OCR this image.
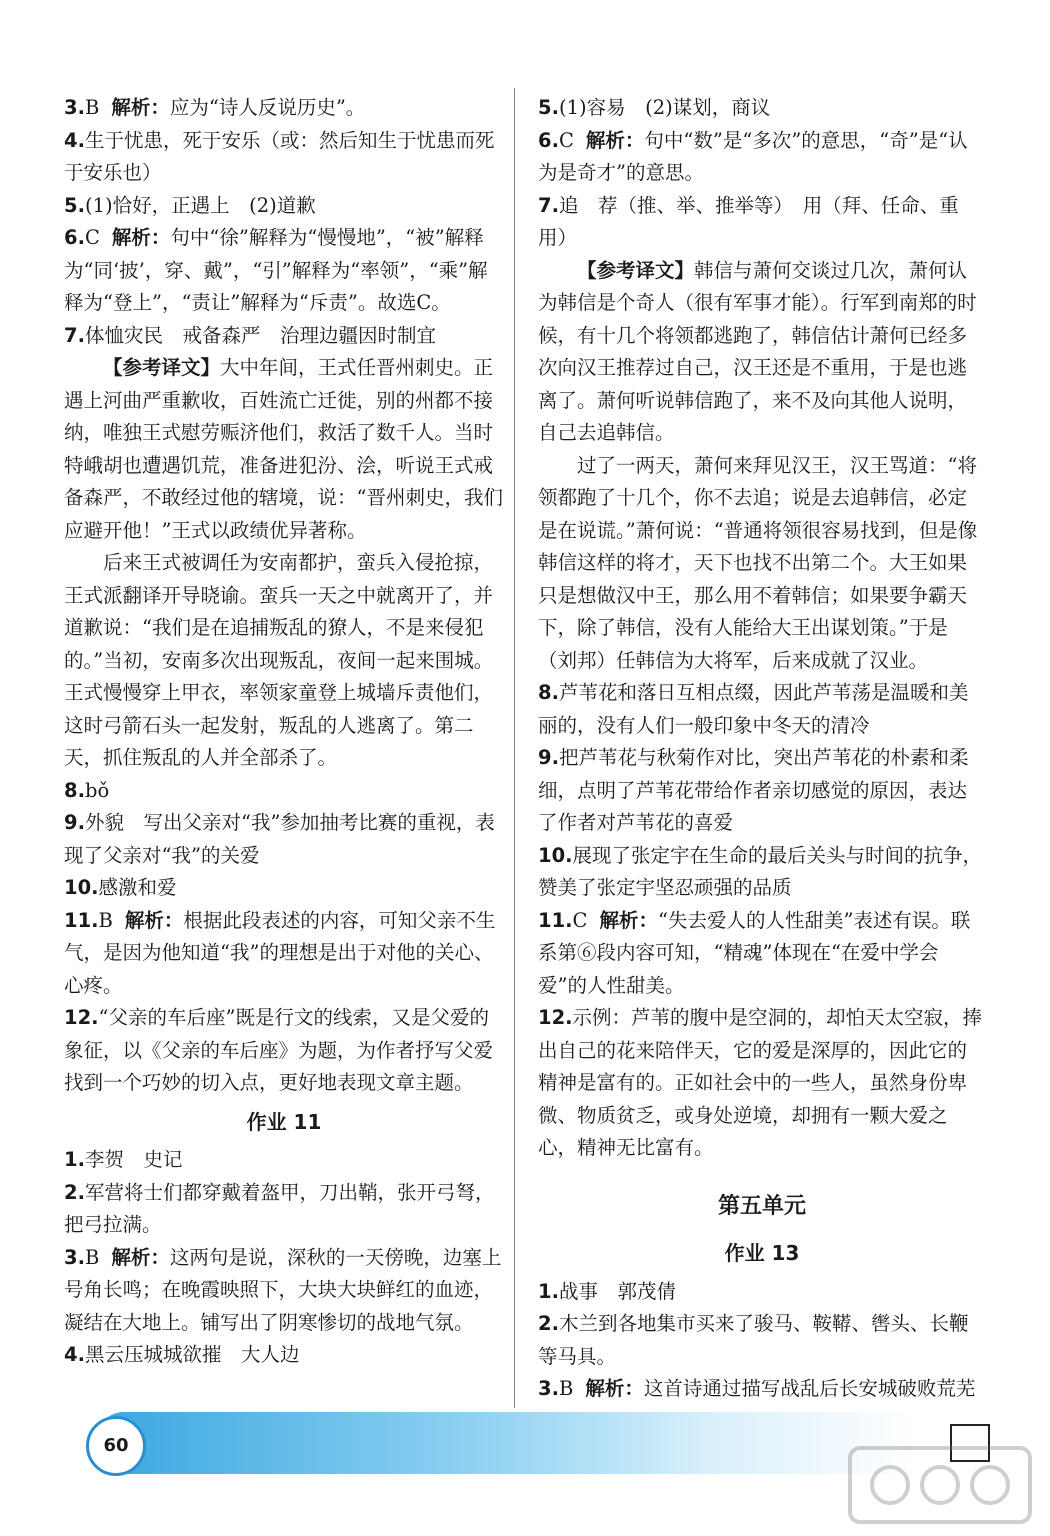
3.B 解析：应为“诗人反说历史”。

4.生于忧患，死于安乐（或：然后知生于忧患而死于安乐也）

5.(1)恰好，正遇上　(2)道歉

6.C 解析：句中“徐”解释为“慢慢地”，“被”解释为“同‘披’，穿、戴”，“引”解释为“率领”，“乘”解释为“登上”，“责让”解释为“斥责”。故选C。

7.体恤灾民　戒备森严　治理边疆因时制宜

【参考译文】大中年间，王式任晋州刺史。正遇上河曲严重歉收，百姓流亡迁徙，别的州都不接纳，唯独王式慰劳赈济他们，救活了数千人。当时特峨胡也遭遇饥荒，准备进犯汾、浍，听说王式戒备森严，不敢经过他的辖境，说：“晋州刺史，我们应避开他！”王式以政绩优异著称。

后来王式被调任为安南都护，蛮兵入侵抢掠，王式派翻译开导晓谕。蛮兵一天之中就离开了，并道歉说：“我们是在追捕叛乱的獠人，不是来侵犯的。”当初，安南多次出现叛乱，夜间一起来围城。王式慢慢穿上甲衣，率领家童登上城墙斥责他们，这时弓箭石头一起发射，叛乱的人逃离了。第二天，抓住叛乱的人并全部杀了。

8.bǒ

9.外貌　写出父亲对“我”参加抽考比赛的重视，表现了父亲对“我”的关爱

10.感激和爱

11.B 解析：根据此段表述的内容，可知父亲不生气，是因为他知道“我”的理想是出于对他的关心、心疼。

12.“父亲的车后座”既是行文的线索，又是父爱的象征，以《父亲的车后座》为题，为作者抒写父爱找到一个巧妙的切入点，更好地表现文章主题。

作业 11

1.李贺　史记

2.军营将士们都穿戴着盔甲，刀出鞘，张开弓弩，把弓拉满。

3.B 解析：这两句是说，深秋的一天傍晚，边塞上号角长鸣；在晚霞映照下，大块大块鲜红的血迹，凝结在大地上。铺写出了阴寒惨切的战地气氛。

4.黑云压城城欲摧　大人边

5.(1)容易　(2)谋划，商议

6.C 解析：句中“数”是“多次”的意思，“奇”是“认为是奇才”的意思。

7.追　荐（推、举、推举等）　用（拜、任命、重用）

【参考译文】韩信与萧何交谈过几次，萧何认为韩信是个奇人（很有军事才能）。行军到南郑的时候，有十几个将领都逃跑了，韩信估计萧何已经多次向汉王推荐过自己，汉王还是不重用，于是也逃离了。萧何听说韩信跑了，来不及向其他人说明，自己去追韩信。

过了一两天，萧何来拜见汉王，汉王骂道：“将领都跑了十几个，你不去追；说是去追韩信，必定是在说谎。”萧何说：“普通将领很容易找到，但是像韩信这样的将才，天下也找不出第二个。大王如果只是想做汉中王，那么用不着韩信；如果要争霸天下，除了韩信，没有人能给大王出谋划策。”于是（刘邦）任韩信为大将军，后来成就了汉业。

8.芦苇花和落日互相点缀，因此芦苇荡是温暖和美丽的，没有人们一般印象中冬天的清冷

9.把芦苇花与秋菊作对比，突出芦苇花的朴素和柔细，点明了芦苇花带给作者亲切感觉的原因，表达了作者对芦苇花的喜爱

10.展现了张定宇在生命的最后关头与时间的抗争，赞美了张定宇坚忍顽强的品质

11.C 解析：“失去爱人的人性甜美”表述有误。联系第⑥段内容可知，“精魂”体现在“在爱中学会爱”的人性甜美。

12.示例：芦苇的腹中是空洞的，却怕天太空寂，捧出自己的花来陪伴天，它的爱是深厚的，因此它的精神是富有的。正如社会中的一些人，虽然身份卑微、物质贫乏，或身处逆境，却拥有一颗大爱之心，精神无比富有。

第五单元
作业 13

1.战事　郭茂倩

2.木兰到各地集市买来了骏马、鞍鞯、辔头、长鞭等马具。

3.B 解析：这首诗通过描写战乱后长安城破败荒芜

60
